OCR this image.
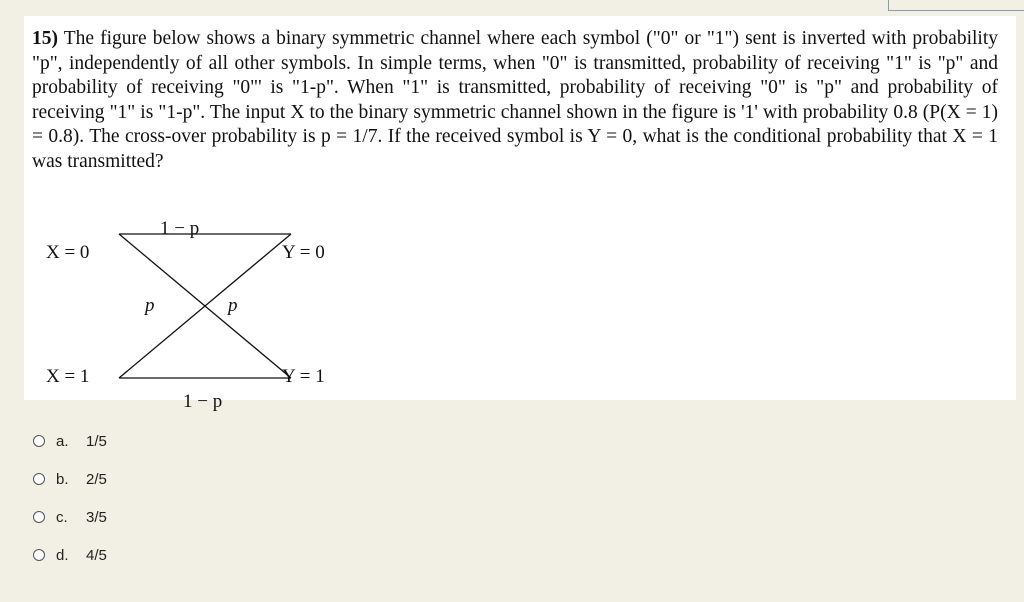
15) The figure below shows a binary symmetric channel where each symbol ("0" or "1") sent is inverted with probability "p", independently of all other symbols. In simple terms, when "0" is transmitted, probability of receiving "1" is "p" and probability of receiving "0"' is "1-p". When "1" is transmitted, probability of receiving "0" is "p" and probability of receiving "1" is "1-p". The input X to the binary symmetric channel shown in the figure is '1' with probability 0.8 (P(X = 1) = 0.8). The cross-over probability is p = 1/7. If the received symbol is Y = 0, what is the conditional probability that X = 1 was transmitted?

X = 0
X = 1
Y = 0
Y = 1
1 − p
1 − p
p	p
a.	1/5
b.	2/5
c.	3/5
d.	4/5
